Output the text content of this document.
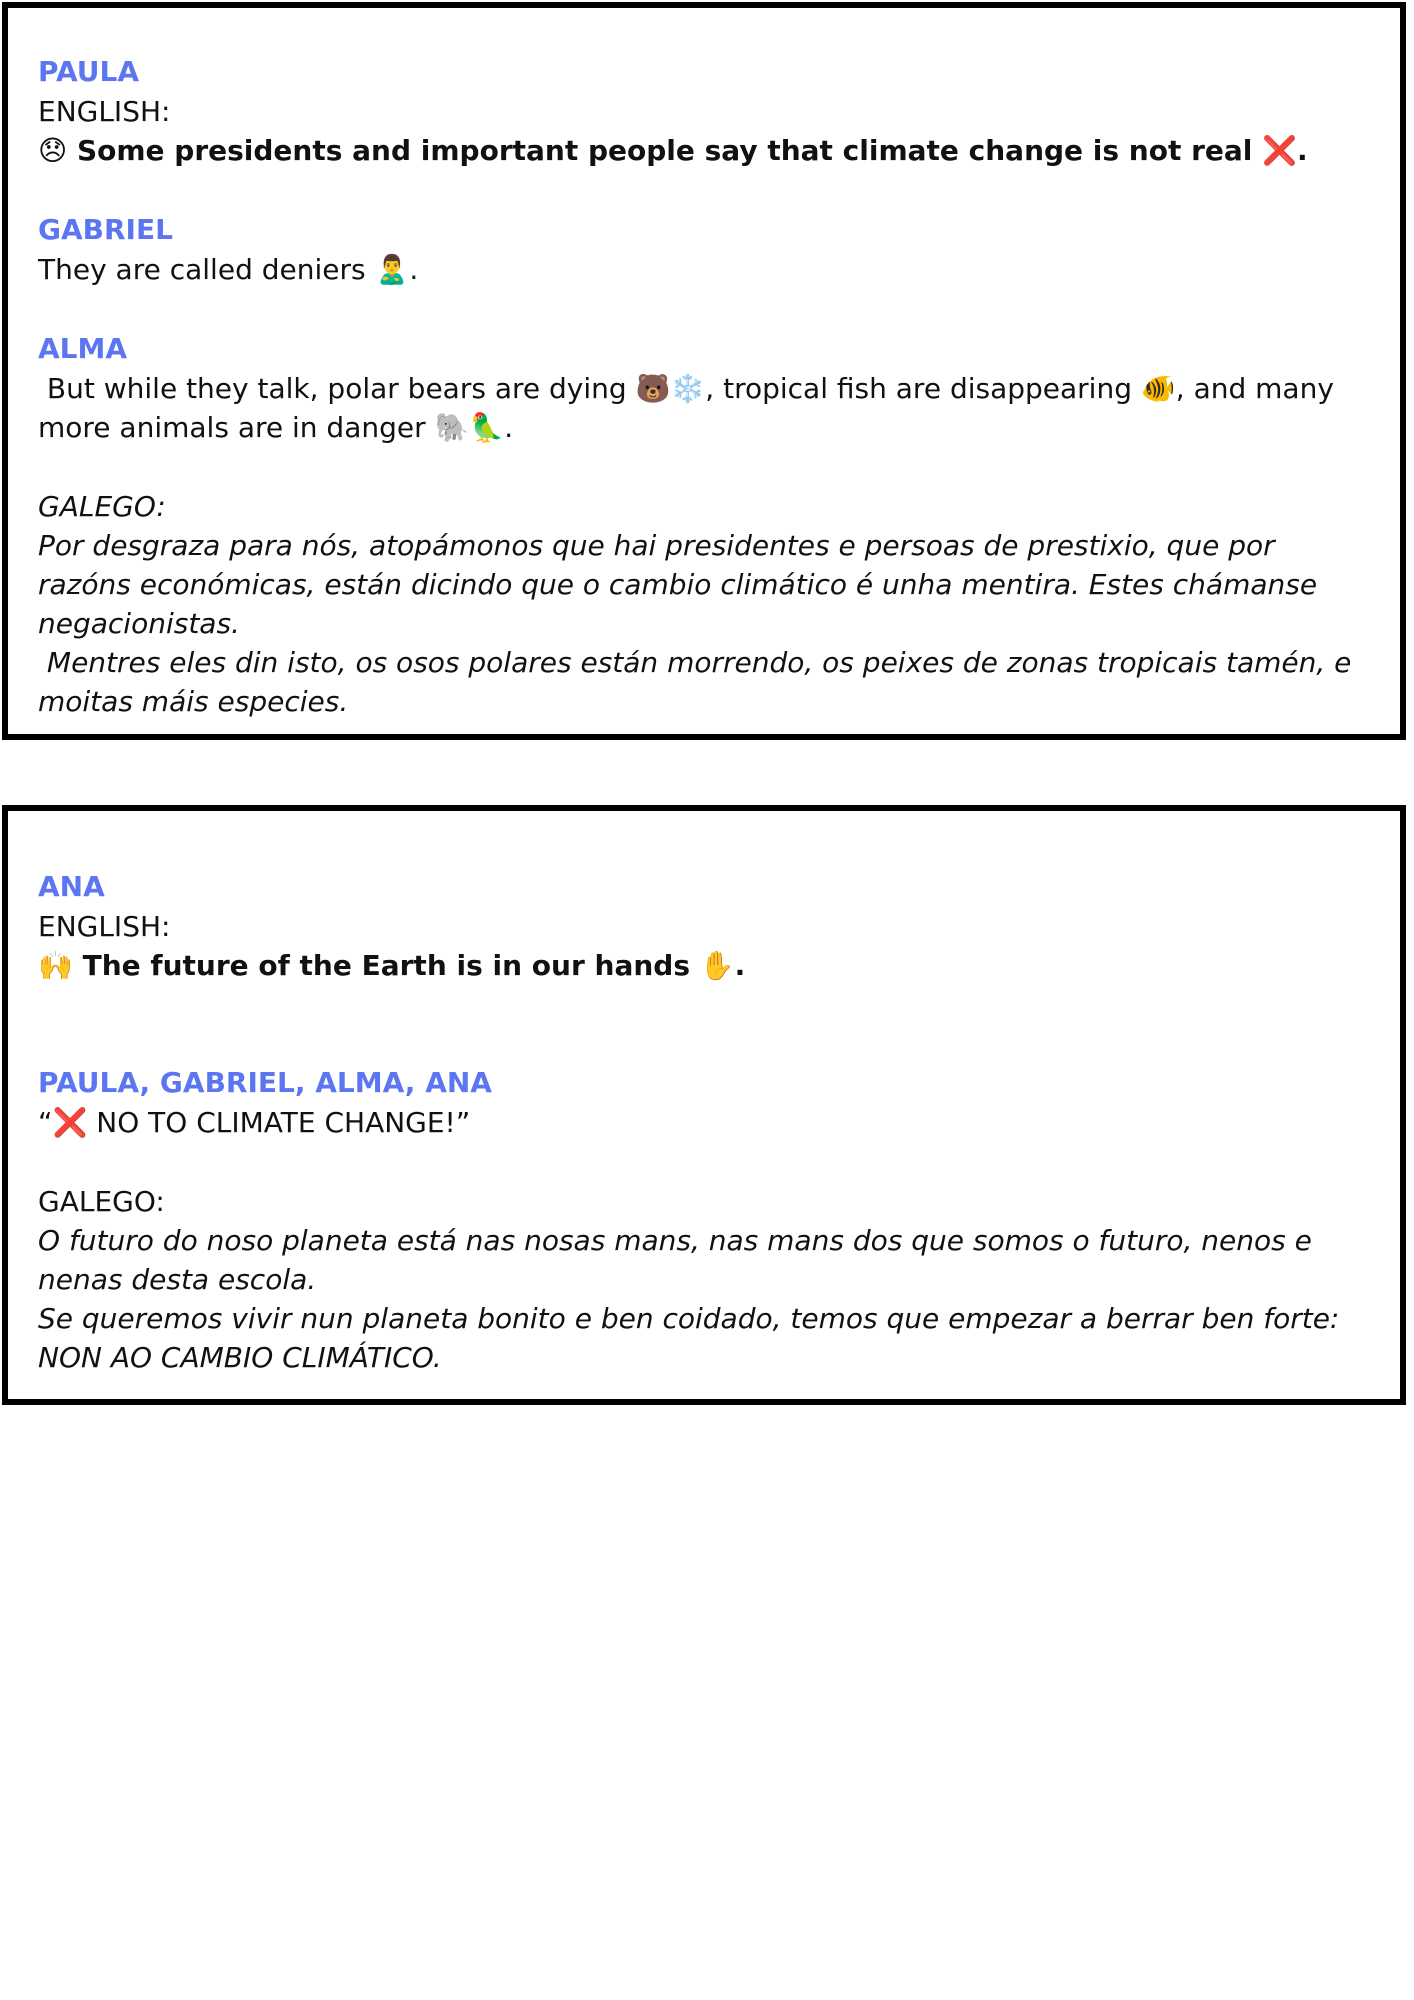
PAULA

ENGLISH:

😞 Some presidents and important people say that climate change is not real ❌.

GABRIEL

They are called deniers 🙎‍♂️.

ALMA

But while they talk, polar bears are dying 🐻❄️, tropical fish are disappearing 🐠, and many more animals are in danger 🐘🦜.

GALEGO:

Por desgraza para nós, atopámonos que hai presidentes e persoas de prestixio, que por razóns económicas, están dicindo que o cambio climático é unha mentira. Estes chámanse negacionistas.

Mentres eles din isto, os osos polares están morrendo, os peixes de zonas tropicais tamén, e moitas máis especies.

ANA

ENGLISH:

🙌 The future of the Earth is in our hands ✋.

PAULA, GABRIEL, ALMA, ANA

“❌ NO TO CLIMATE CHANGE!”

GALEGO:

O futuro do noso planeta está nas nosas mans, nas mans dos que somos o futuro, nenos e nenas desta escola.

Se queremos vivir nun planeta bonito e ben coidado, temos que empezar a berrar ben forte: NON AO CAMBIO CLIMÁTICO.
